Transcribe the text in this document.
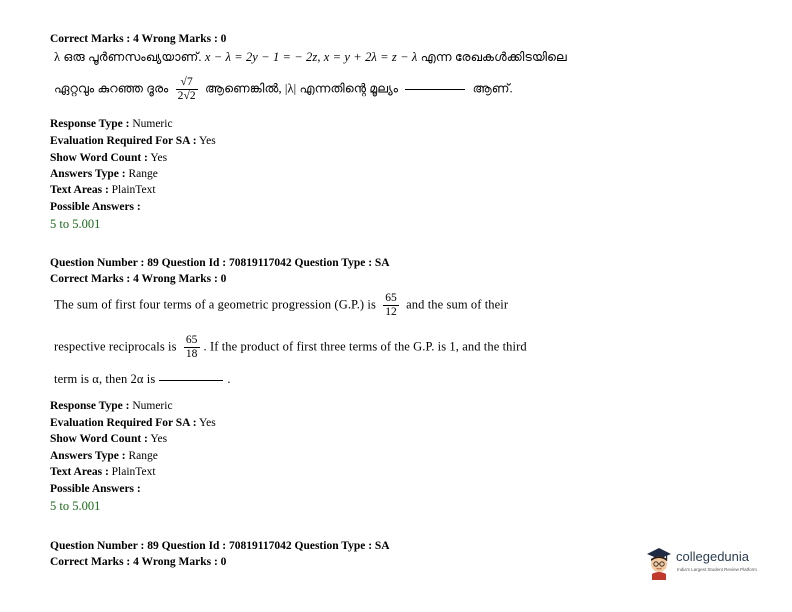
Correct Marks : 4 Wrong Marks : 0
λ ഒരു പൂർണസംഖ്യയാണ്. x − λ = 2y − 1 = − 2z, x = y + 2λ = z − λ എന്ന രേഖകൾക്കിടയിലെ
ഏറ്റവും കുറഞ്ഞ ദൂരം $\frac{√7}{2√2}$ ആണെങ്കിൽ, |λ| എന്നതിന്റെ മൂല്യം	ആണ്.
Response Type : Numeric
Evaluation Required For SA : Yes
Show Word Count : Yes
Answers Type : Range
Text Areas : PlainText
Possible Answers :
5 to 5.001
Question Number : 89 Question Id : 70819117042 Question Type : SA
Correct Marks : 4 Wrong Marks : 0
The sum of first four terms of a geometric progression (G.P.) is $\frac{65}{12}$ and the sum of their
respective reciprocals is $\frac{65}{18}$ . If the product of first three terms of the G.P. is 1, and the third
term is α, then 2α is	.
Response Type : Numeric
Evaluation Required For SA : Yes
Show Word Count : Yes
Answers Type : Range
Text Areas : PlainText
Possible Answers :
5 to 5.001
Question Number : 89 Question Id : 70819117042 Question Type : SA
Correct Marks : 4 Wrong Marks : 0	collegedunia
India's Largest Student Review Platform
